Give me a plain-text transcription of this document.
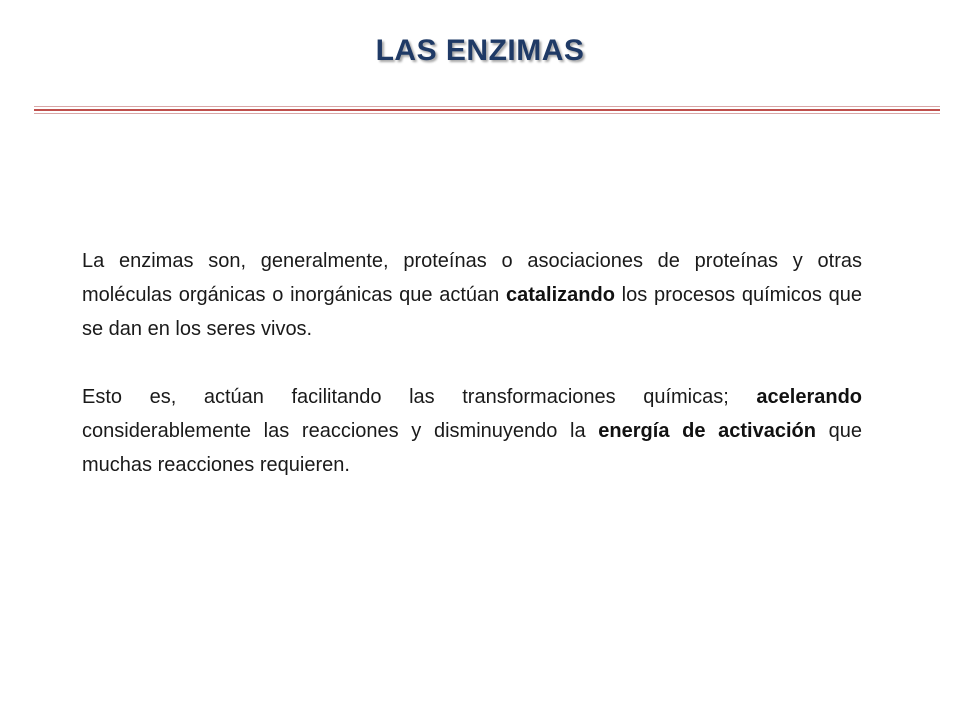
LAS ENZIMAS

La enzimas son, generalmente, proteínas o asociaciones de proteínas y otras moléculas orgánicas o inorgánicas que actúan catalizando los procesos químicos que se dan en los seres vivos.

Esto es, actúan facilitando las transformaciones químicas; acelerando considerablemente las reacciones y disminuyendo la energía de activación que muchas reacciones requieren.
